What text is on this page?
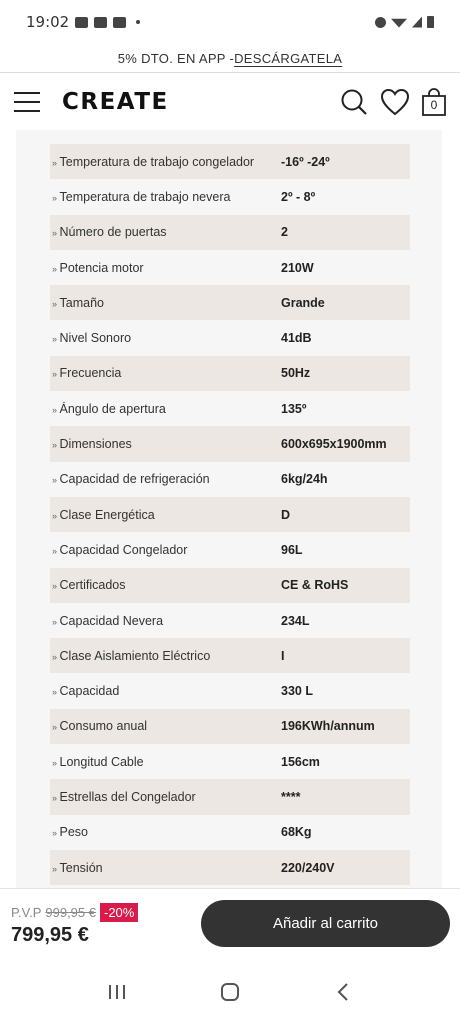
19:02
5% DTO. EN APP - DESCÁRGATELA
CREATE	0
» Temperatura de trabajo congelador	-16º -24º
» Temperatura de trabajo nevera	2º - 8º
» Número de puertas	2
» Potencia motor	210W
» Tamaño	Grande
» Nivel Sonoro	41dB
» Frecuencia	50Hz
» Ángulo de apertura	135º
» Dimensiones	600x695x1900mm
» Capacidad de refrigeración	6kg/24h
» Clase Energética	D
» Capacidad Congelador	96L
» Certificados	CE & RoHS
» Capacidad Nevera	234L
» Clase Aislamiento Eléctrico	I
» Capacidad	330 L
» Consumo anual	196KWh/annum
» Longitud Cable	156cm
» Estrellas del Congelador	****
» Peso	68Kg
» Tensión	220/240V
P.V.P 999,95 € -20%
799,95 €
Añadir al carrito
